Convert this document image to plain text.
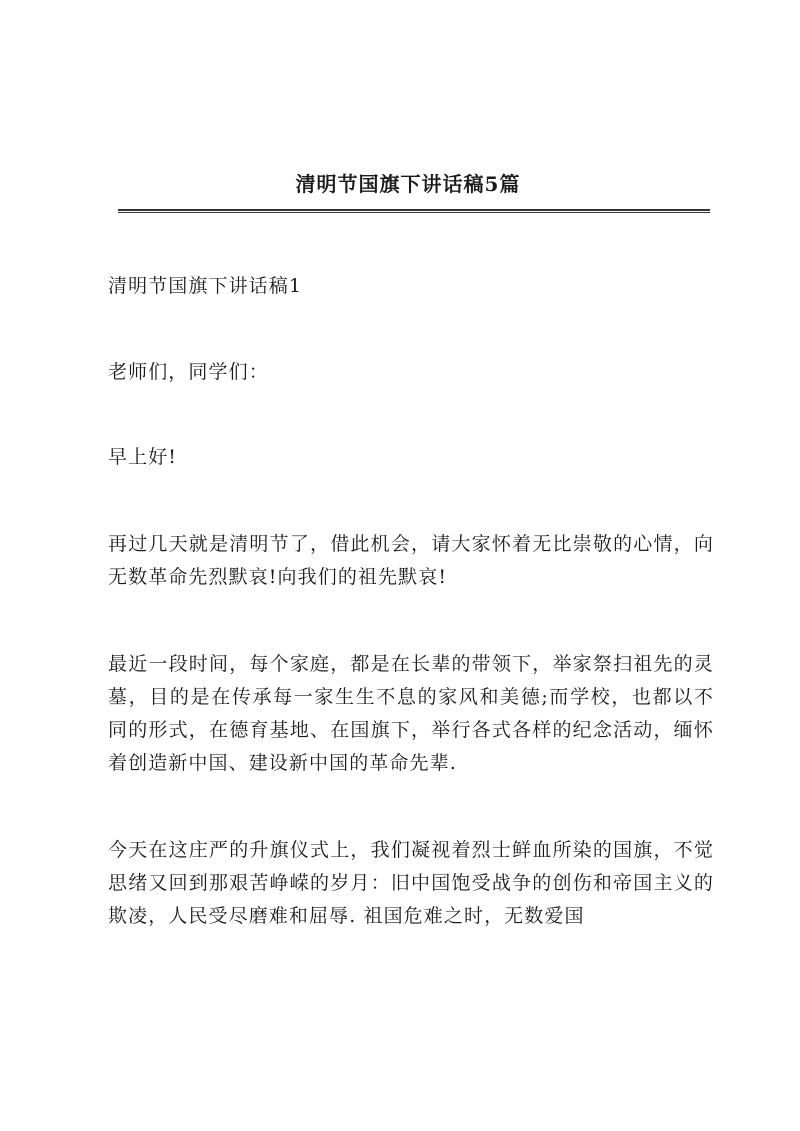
清明节国旗下讲话稿5篇

清明节国旗下讲话稿1

老师们，同学们：

早上好!

再过几天就是清明节了，借此机会，请大家怀着无比崇敬的心情，向无数革命先烈默哀!向我们的祖先默哀!

最近一段时间，每个家庭，都是在长辈的带领下，举家祭扫祖先的灵墓，目的是在传承每一家生生不息的家风和美德;而学校，也都以不同的形式，在德育基地、在国旗下，举行各式各样的纪念活动，缅怀着创造新中国、建设新中国的革命先辈.

今天在这庄严的升旗仪式上，我们凝视着烈士鲜血所染的国旗，不觉思绪又回到那艰苦峥嵘的岁月：旧中国饱受战争的创伤和帝国主义的欺凌，人民受尽磨难和屈辱. 祖国危难之时，无数爱国
